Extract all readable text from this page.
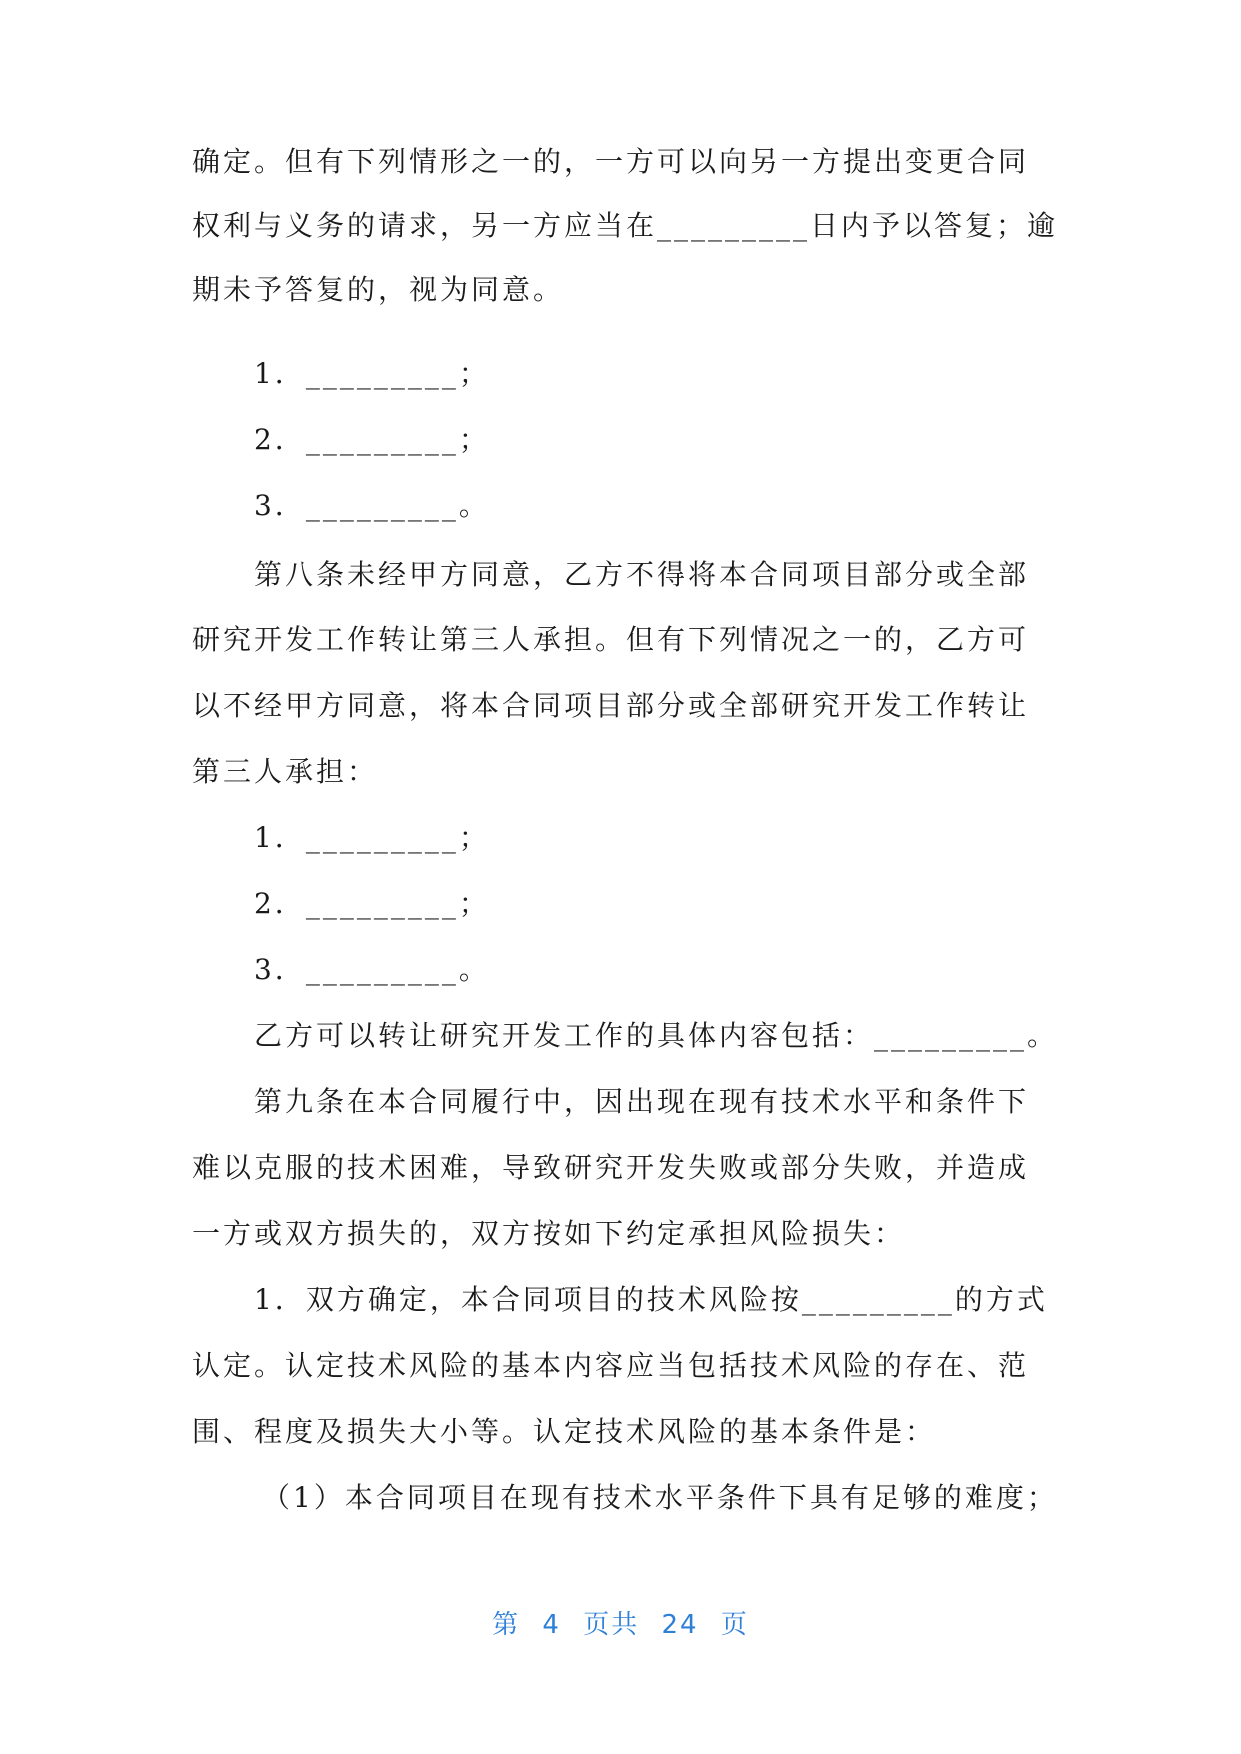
确定。但有下列情形之一的，一方可以向另一方提出变更合同
权利与义务的请求，另一方应当在_________日内予以答复；逾
期未予答复的，视为同意。
1．_________；
2．_________；
3．_________。
第八条未经甲方同意，乙方不得将本合同项目部分或全部
研究开发工作转让第三人承担。但有下列情况之一的，乙方可
以不经甲方同意，将本合同项目部分或全部研究开发工作转让
第三人承担：
1．_________；
2．_________；
3．_________。
乙方可以转让研究开发工作的具体内容包括：_________。
第九条在本合同履行中，因出现在现有技术水平和条件下
难以克服的技术困难，导致研究开发失败或部分失败，并造成
一方或双方损失的，双方按如下约定承担风险损失：
1．双方确定，本合同项目的技术风险按_________的方式
认定。认定技术风险的基本内容应当包括技术风险的存在、范
围、程度及损失大小等。认定技术风险的基本条件是：
（1）本合同项目在现有技术水平条件下具有足够的难度；
第 4 页共 24 页
